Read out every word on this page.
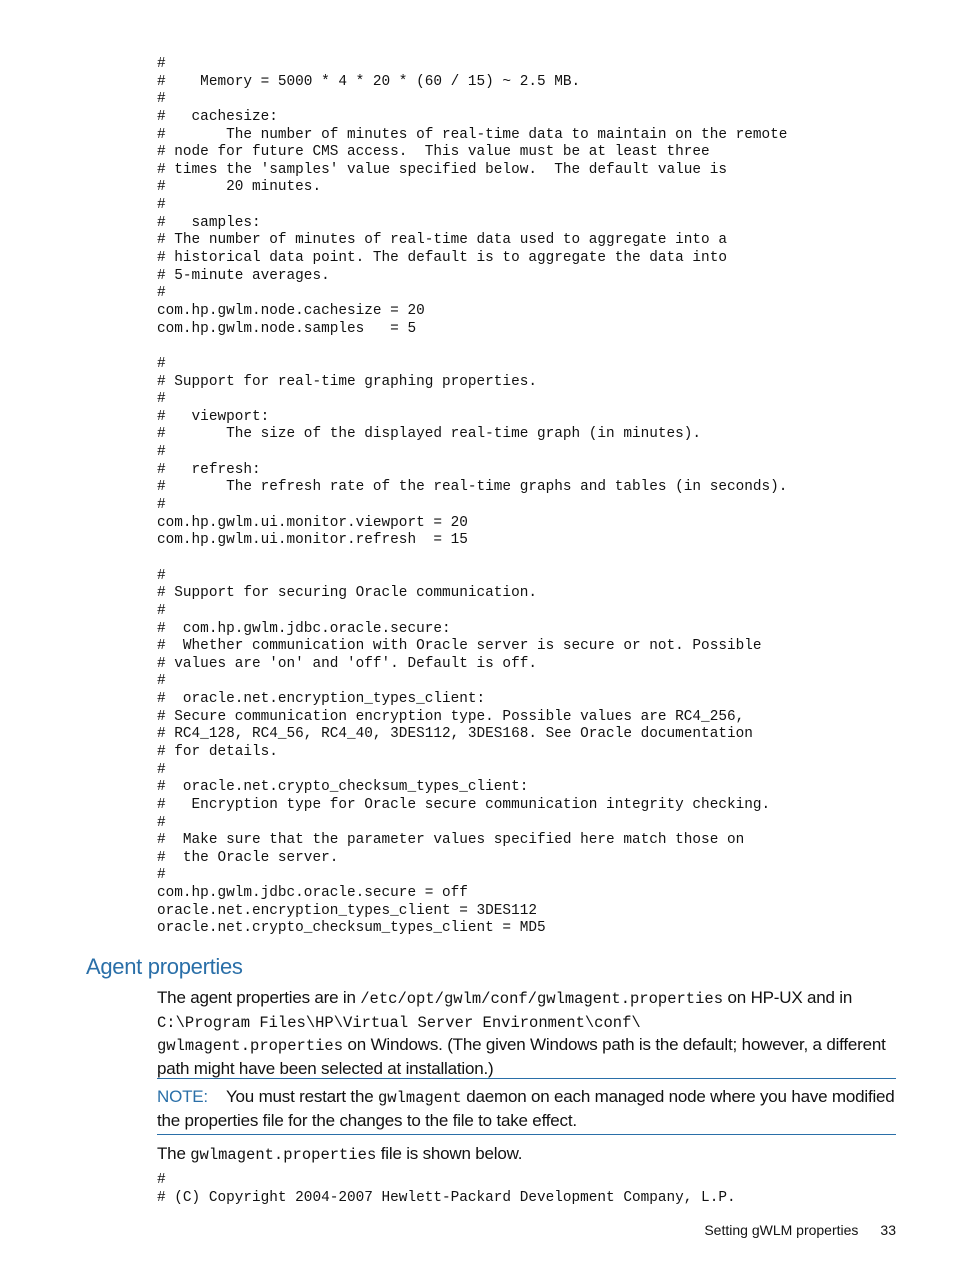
#
#    Memory = 5000 * 4 * 20 * (60 / 15) ~ 2.5 MB.
#
#   cachesize:
#       The number of minutes of real-time data to maintain on the remote
# node for future CMS access.  This value must be at least three
# times the 'samples' value specified below.  The default value is
#       20 minutes.
#
#   samples:
# The number of minutes of real-time data used to aggregate into a
# historical data point. The default is to aggregate the data into
# 5-minute averages.
#
com.hp.gwlm.node.cachesize = 20
com.hp.gwlm.node.samples   = 5

#
# Support for real-time graphing properties.
#
#   viewport:
#       The size of the displayed real-time graph (in minutes).
#
#   refresh:
#       The refresh rate of the real-time graphs and tables (in seconds).
#
com.hp.gwlm.ui.monitor.viewport = 20
com.hp.gwlm.ui.monitor.refresh  = 15

#
# Support for securing Oracle communication.
#
#  com.hp.gwlm.jdbc.oracle.secure:
#  Whether communication with Oracle server is secure or not. Possible
# values are 'on' and 'off'. Default is off.
#
#  oracle.net.encryption_types_client:
# Secure communication encryption type. Possible values are RC4_256,
# RC4_128, RC4_56, RC4_40, 3DES112, 3DES168. See Oracle documentation
# for details.
#
#  oracle.net.crypto_checksum_types_client:
#   Encryption type for Oracle secure communication integrity checking.
#
#  Make sure that the parameter values specified here match those on
#  the Oracle server.
#
com.hp.gwlm.jdbc.oracle.secure = off
oracle.net.encryption_types_client = 3DES112
oracle.net.crypto_checksum_types_client = MD5
Agent properties
The agent properties are in /etc/opt/gwlm/conf/gwlmagent.properties on HP-UX and in C:\Program Files\HP\Virtual Server Environment\conf\
gwlmagent.properties on Windows. (The given Windows path is the default; however, a different path might have been selected at installation.)
NOTE: You must restart the gwlmagent daemon on each managed node where you have modified the properties file for the changes to the file to take effect.
The gwlmagent.properties file is shown below.
#
# (C) Copyright 2004-2007 Hewlett-Packard Development Company, L.P.
Setting gWLM properties 33
